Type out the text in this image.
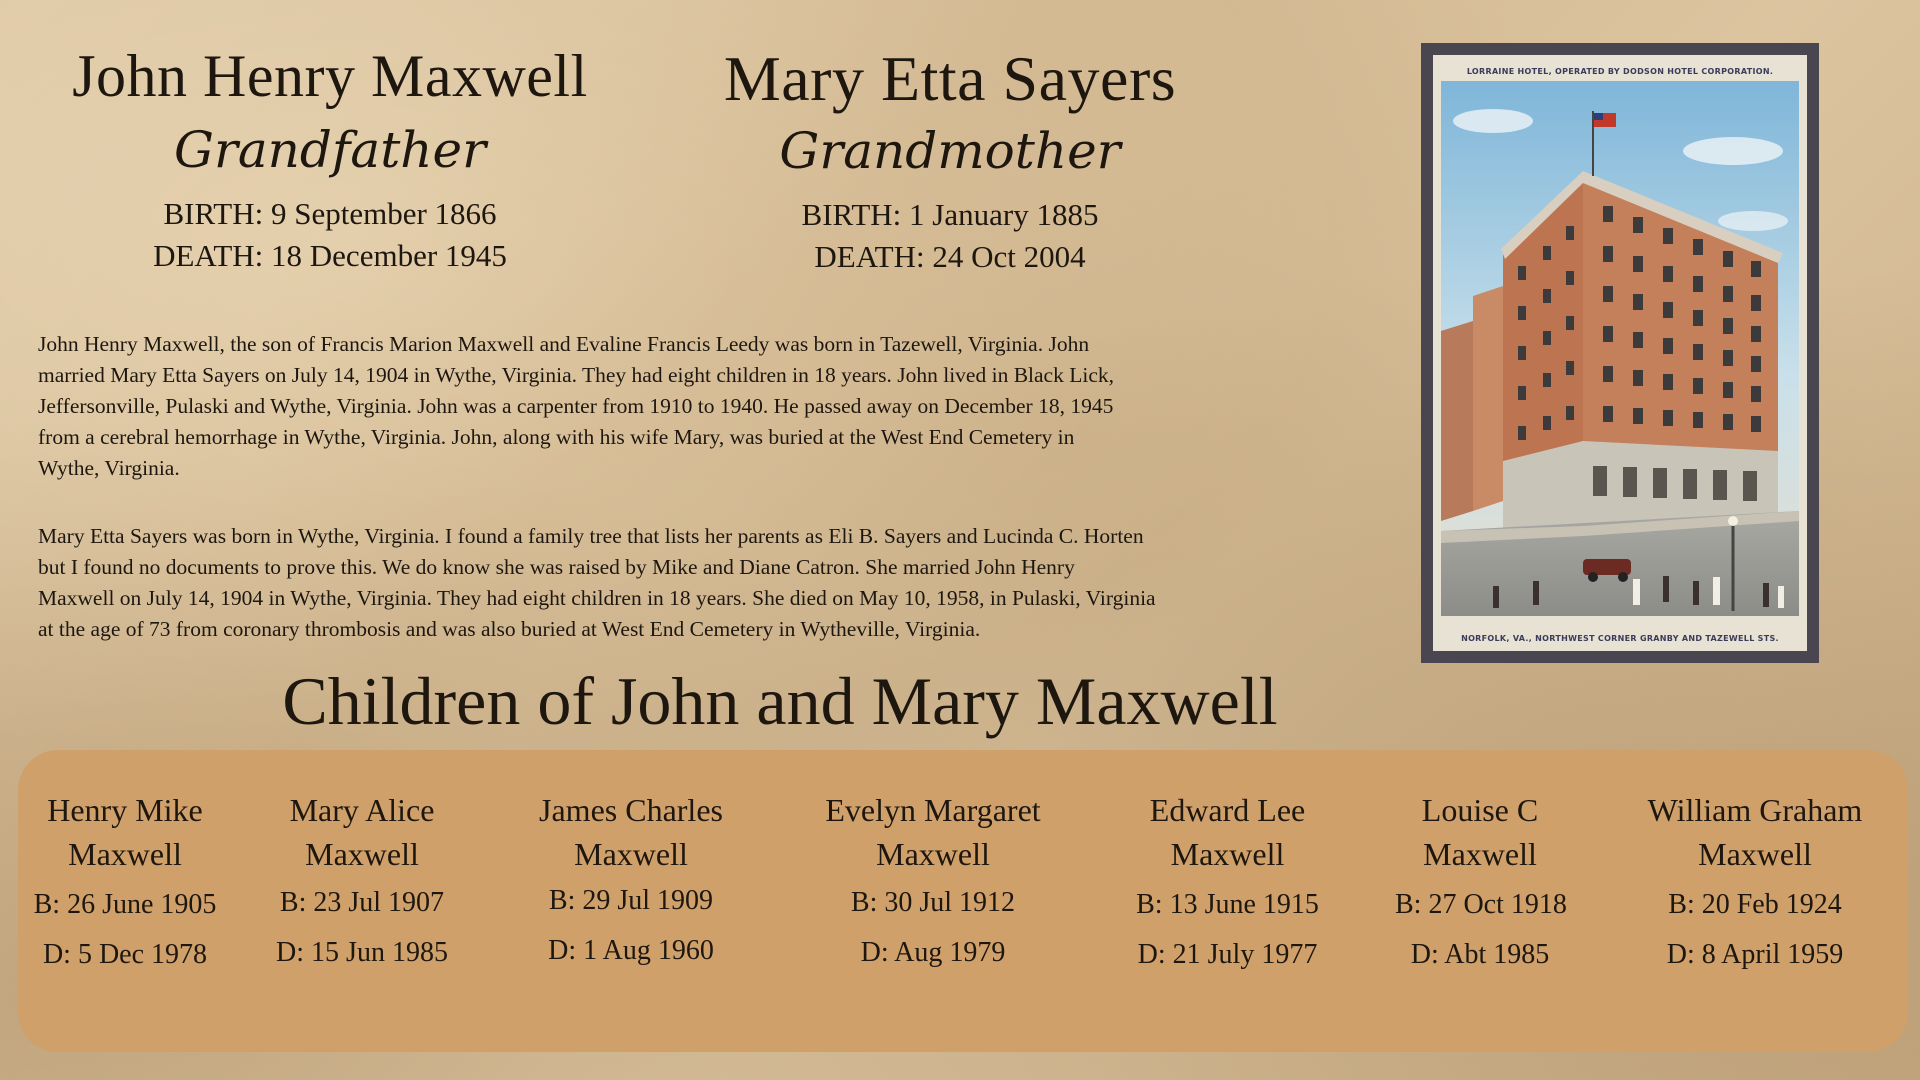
John Henry Maxwell
Grandfather
BIRTH: 9 September 1866
DEATH: 18 December 1945
Mary Etta Sayers
Grandmother
BIRTH: 1 January 1885
DEATH: 24 Oct 2004
John Henry Maxwell, the son of Francis Marion Maxwell and Evaline Francis Leedy was born in Tazewell, Virginia. John
married Mary Etta Sayers on July 14, 1904 in Wythe, Virginia. They had eight children in 18 years. John lived in Black Lick,
Jeffersonville, Pulaski and Wythe, Virginia. John was a carpenter from 1910 to 1940. He passed away on December 18, 1945
from a cerebral hemorrhage in Wythe, Virginia. John, along with his wife Mary, was buried at the West End Cemetery in
Wythe, Virginia.
Mary Etta Sayers was born in Wythe, Virginia. I found a family tree that lists her parents as Eli B. Sayers and Lucinda C. Horten
but I found no documents to prove this. We do know she was raised by Mike and Diane Catron. She married John Henry
Maxwell on July 14, 1904 in Wythe, Virginia. They had eight children in 18 years. She died on May 10, 1958, in Pulaski, Virginia
at the age of 73 from coronary thrombosis and was also buried at West End Cemetery in Wytheville, Virginia.
LORRAINE HOTEL, OPERATED BY DODSON HOTEL CORPORATION.
NORFOLK, VA., NORTHWEST CORNER GRANBY AND TAZEWELL STS.
Children of John and Mary Maxwell
Henry Mike
Maxwell
B: 26 June 1905
D: 5 Dec 1978
Mary Alice
Maxwell
B: 23 Jul 1907
D: 15 Jun 1985
James Charles
Maxwell
B: 29 Jul 1909
D: 1 Aug 1960
Evelyn Margaret
Maxwell
B: 30 Jul 1912
D: Aug 1979
Edward Lee
Maxwell
B: 13 June 1915
D: 21 July 1977
Louise C
Maxwell
B: 27 Oct 1918
D: Abt 1985
William Graham
Maxwell
B: 20 Feb 1924
D: 8 April 1959
